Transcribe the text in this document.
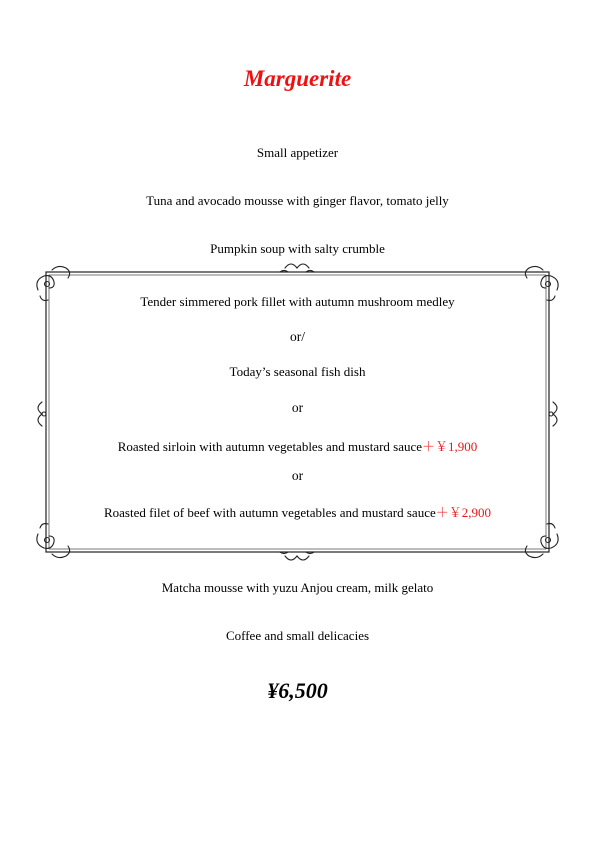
Marguerite
Small appetizer
Tuna and avocado mousse with ginger flavor, tomato jelly
Pumpkin soup with salty crumble
Tender simmered pork fillet with autumn mushroom medley
or/
Today’s seasonal fish dish
or
Roasted sirloin with autumn vegetables and mustard sauce＋￥1,900
or
Roasted filet of beef with autumn vegetables and mustard sauce＋￥2,900
Matcha mousse with yuzu Anjou cream, milk gelato
Coffee and small delicacies
¥6,500
